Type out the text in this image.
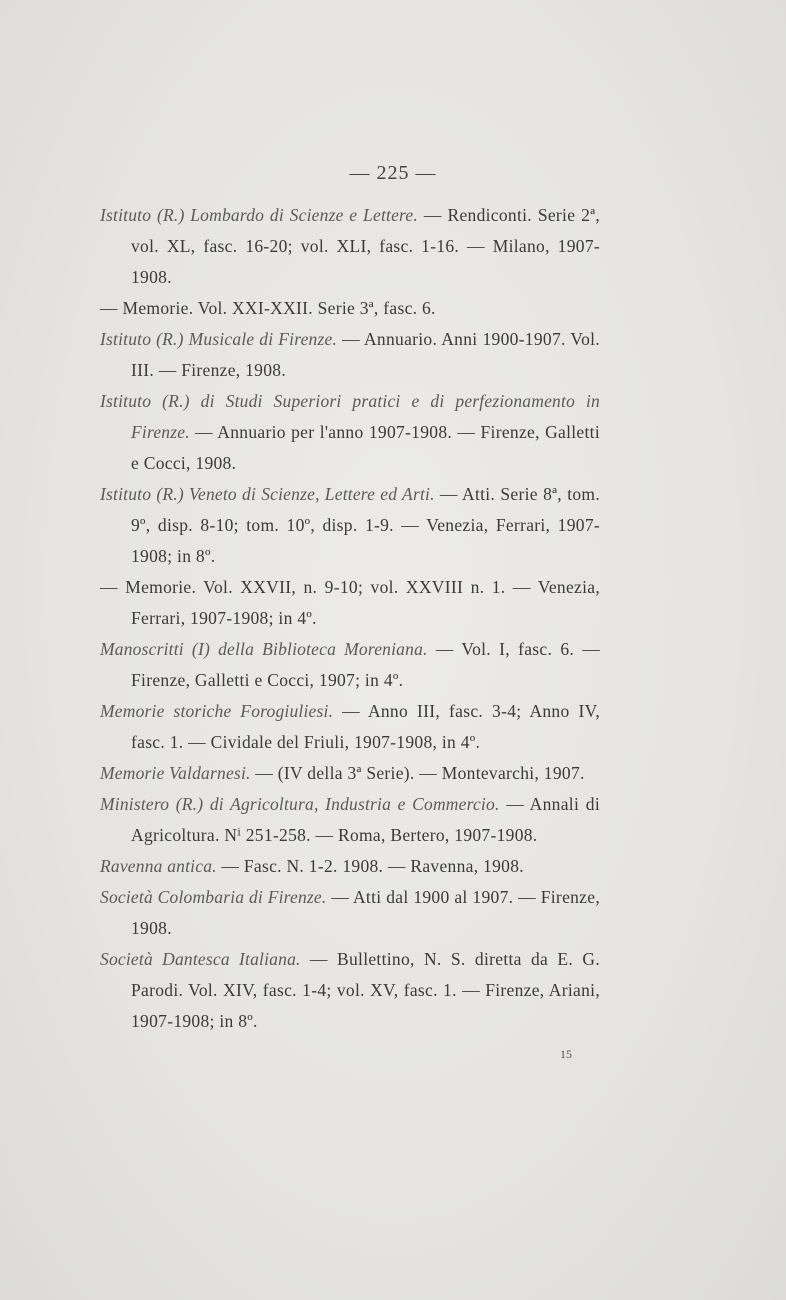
— 225 —
Istituto (R.) Lombardo di Scienze e Lettere. — Rendiconti. Serie 2ª, vol. XL, fasc. 16-20; vol. XLI, fasc. 1-16. — Milano, 1907-1908.
— Memorie. Vol. XXI-XXII. Serie 3ª, fasc. 6.
Istituto (R.) Musicale di Firenze. — Annuario. Anni 1900-1907. Vol. III. — Firenze, 1908.
Istituto (R.) di Studi Superiori pratici e di perfezionamento in Firenze. — Annuario per l'anno 1907-1908. — Firenze, Galletti e Cocci, 1908.
Istituto (R.) Veneto di Scienze, Lettere ed Arti. — Atti. Serie 8ª, tom. 9º, disp. 8-10; tom. 10º, disp. 1-9. — Venezia, Ferrari, 1907-1908; in 8º.
— Memorie. Vol. XXVII, n. 9-10; vol. XXVIII n. 1. — Venezia, Ferrari, 1907-1908; in 4º.
Manoscritti (I) della Biblioteca Moreniana. — Vol. I, fasc. 6. — Firenze, Galletti e Cocci, 1907; in 4º.
Memorie storiche Forogiuliesi. — Anno III, fasc. 3-4; Anno IV, fasc. 1. — Cividale del Friuli, 1907-1908, in 4º.
Memorie Valdarnesi. — (IV della 3ª Serie). — Montevarchi, 1907.
Ministero (R.) di Agricoltura, Industria e Commercio. — Annali di Agricoltura. Nⁱ 251-258. — Roma, Bertero, 1907-1908.
Ravenna antica. — Fasc. N. 1-2. 1908. — Ravenna, 1908.
Società Colombaria di Firenze. — Atti dal 1900 al 1907. — Firenze, 1908.
Società Dantesca Italiana. — Bullettino, N. S. diretta da E. G. Parodi. Vol. XIV, fasc. 1-4; vol. XV, fasc. 1. — Firenze, Ariani, 1907-1908; in 8º.
15
